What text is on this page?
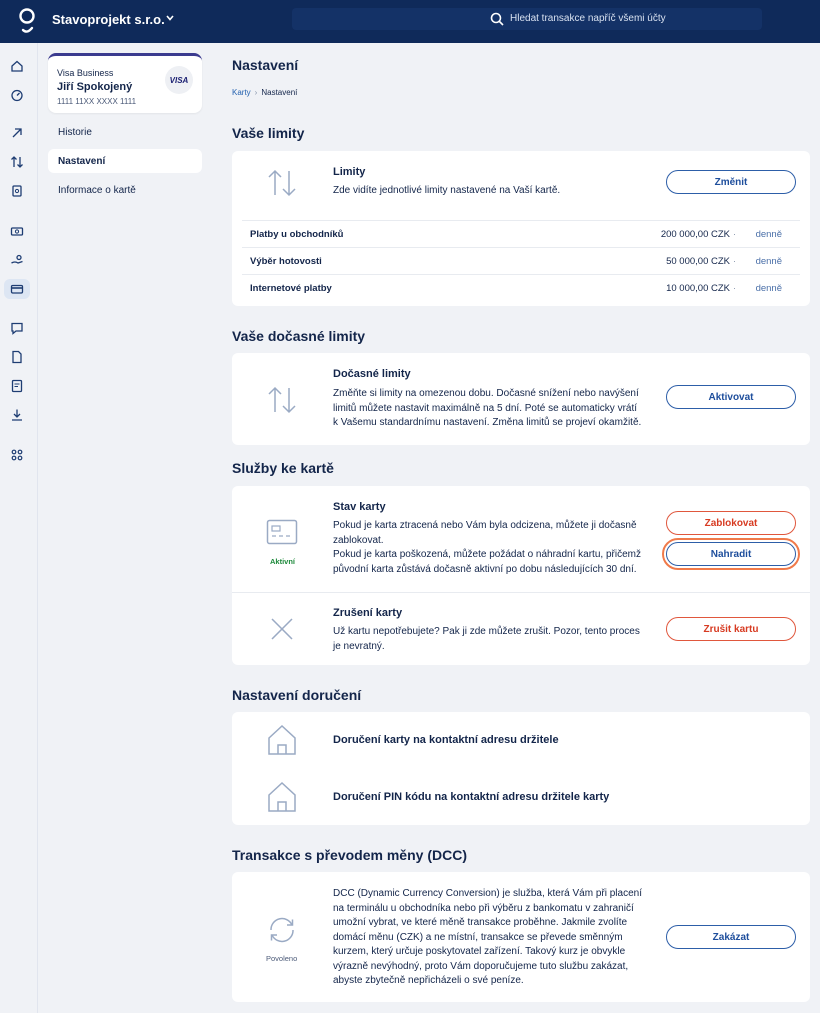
Stavoprojekt s.r.o.	Hledat transakce napříč všemi účty
Visa Business
Jiří Spokojený
1111 11XX XXXX 1111
VISA
Historie
Nastavení
Informace o kartě
Nastavení
Karty › Nastavení
Vaše limity
Limity
Zde vidíte jednotlivé limity nastavené na Vaší kartě.
Změnit
Platby u obchodníků	200 000,00 CZK · denně
Výběr hotovosti	50 000,00 CZK · denně
Internetové platby	10 000,00 CZK · denně
Vaše dočasné limity
Dočasné limity
Změňte si limity na omezenou dobu. Dočasné snížení nebo navýšení
limitů můžete nastavit maximálně na 5 dní. Poté se automaticky vrátí
k Vašemu standardnímu nastavení. Změna limitů se projeví okamžitě.
Aktivovat
Služby ke kartě
Aktivní
Stav karty
Pokud je karta ztracená nebo Vám byla odcizena, můžete ji dočasně
zablokovat.
Pokud je karta poškozená, můžete požádat o náhradní kartu, přičemž
původní karta zůstává dočasně aktivní po dobu následujících 30 dní.
Zablokovat
Nahradit
Zrušení karty
Už kartu nepotřebujete? Pak ji zde můžete zrušit. Pozor, tento proces
je nevratný.
Zrušit kartu
Nastavení doručení
Doručení karty na kontaktní adresu držitele
Doručení PIN kódu na kontaktní adresu držitele karty
Transakce s převodem měny (DCC)
Povoleno
DCC (Dynamic Currency Conversion) je služba, která Vám při placení
na terminálu u obchodníka nebo při výběru z bankomatu v zahraničí
umožní vybrat, ve které měně transakce proběhne. Jakmile zvolíte
domácí měnu (CZK) a ne místní, transakce se převede směnným
kurzem, který určuje poskytovatel zařízení. Takový kurz je obvykle
výrazně nevýhodný, proto Vám doporučujeme tuto službu zakázat,
abyste zbytečně nepřicházeli o své peníze.
Zakázat
